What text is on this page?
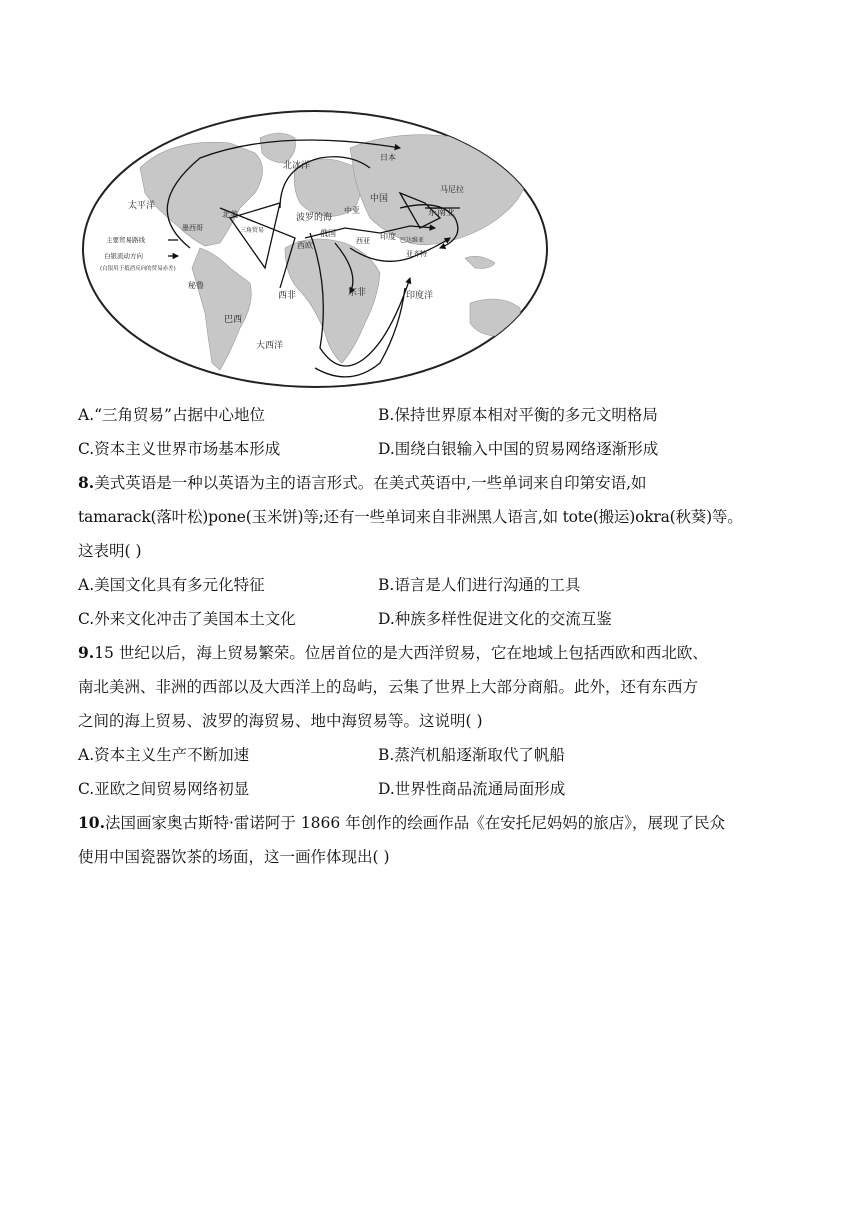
北冰洋
太平洋
日本
中国
马尼拉
东南亚
北美
墨西哥	三角贸易
波罗的海
中亚
俄国
西欧	西亚 印度 巴达维亚
亚齐特
主要贸易路线
白银流动方向
(白银用于抵消反向的贸易赤差)
秘鲁
西非	东非	印度洋
巴西
大西洋
A.“三角贸易”占据中心地位	B.保持世界原本相对平衡的多元文明格局
C.资本主义世界市场基本形成	D.围绕白银输入中国的贸易网络逐渐形成
8.美式英语是一种以英语为主的语言形式。在美式英语中,一些单词来自印第安语,如
tamarack(落叶松)pone(玉米饼)等;还有一些单词来自非洲黑人语言,如 tote(搬运)okra(秋葵)等。
这表明( )
A.美国文化具有多元化特征	B.语言是人们进行沟通的工具
C.外来文化冲击了美国本土文化	D.种族多样性促进文化的交流互鉴
9.15 世纪以后，海上贸易繁荣。位居首位的是大西洋贸易，它在地域上包括西欧和西北欧、
南北美洲、非洲的西部以及大西洋上的岛屿，云集了世界上大部分商船。此外，还有东西方
之间的海上贸易、波罗的海贸易、地中海贸易等。这说明( )
A.资本主义生产不断加速	B.蒸汽机船逐渐取代了帆船
C.亚欧之间贸易网络初显	D.世界性商品流通局面形成
10.法国画家奥古斯特·雷诺阿于 1866 年创作的绘画作品《在安托尼妈妈的旅店》，展现了民众
使用中国瓷器饮茶的场面，这一画作体现出( )
